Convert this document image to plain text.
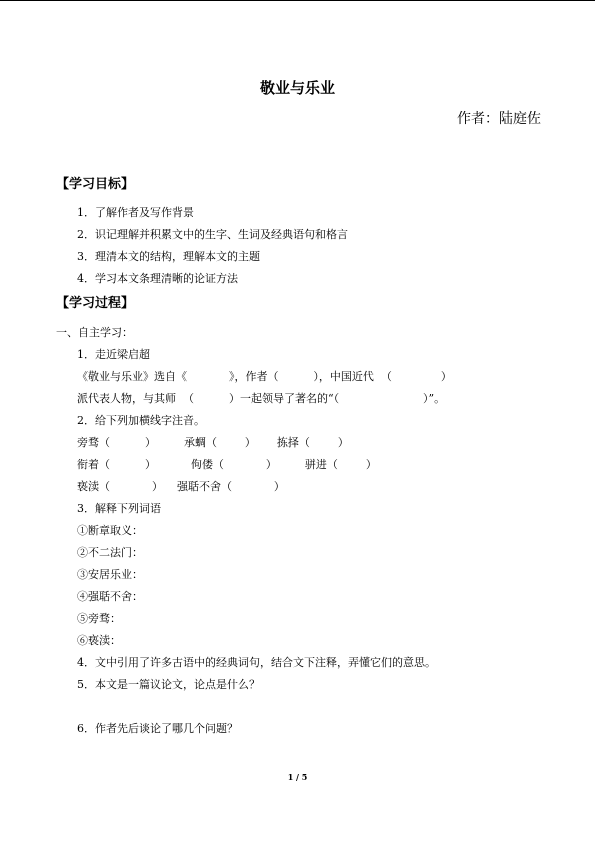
敬业与乐业
作者：陆庭佐
【学习目标】
1．了解作者及写作背景
2．识记理解并积累文中的生字、生词及经典语句和格言
3．理清本文的结构，理解本文的主题
4．学习本文条理清晰的论证方法
【学习过程】
一、自主学习：
1．走近梁启超
《敬业与乐业》选自《            》，作者（          ），中国近代  （              ）
派代表人物，与其师  （          ）一起领导了著名的“（                        ）”。
2．给下列加横线字注音。
旁骛（          ）        承蜩（        ）      拣择（        ）
衔着（          ）          佝偻（            ）        骈进（        ）
亵渎（            ）    强聒不舍（            ）
3．解释下列词语
①断章取义：
②不二法门：
③安居乐业：
④强聒不舍：
⑤旁骛：
⑥亵渎：
4．文中引用了许多古语中的经典词句，结合文下注释，弄懂它们的意思。
5．本文是一篇议论文，论点是什么？
6．作者先后谈论了哪几个问题？
1 / 5
